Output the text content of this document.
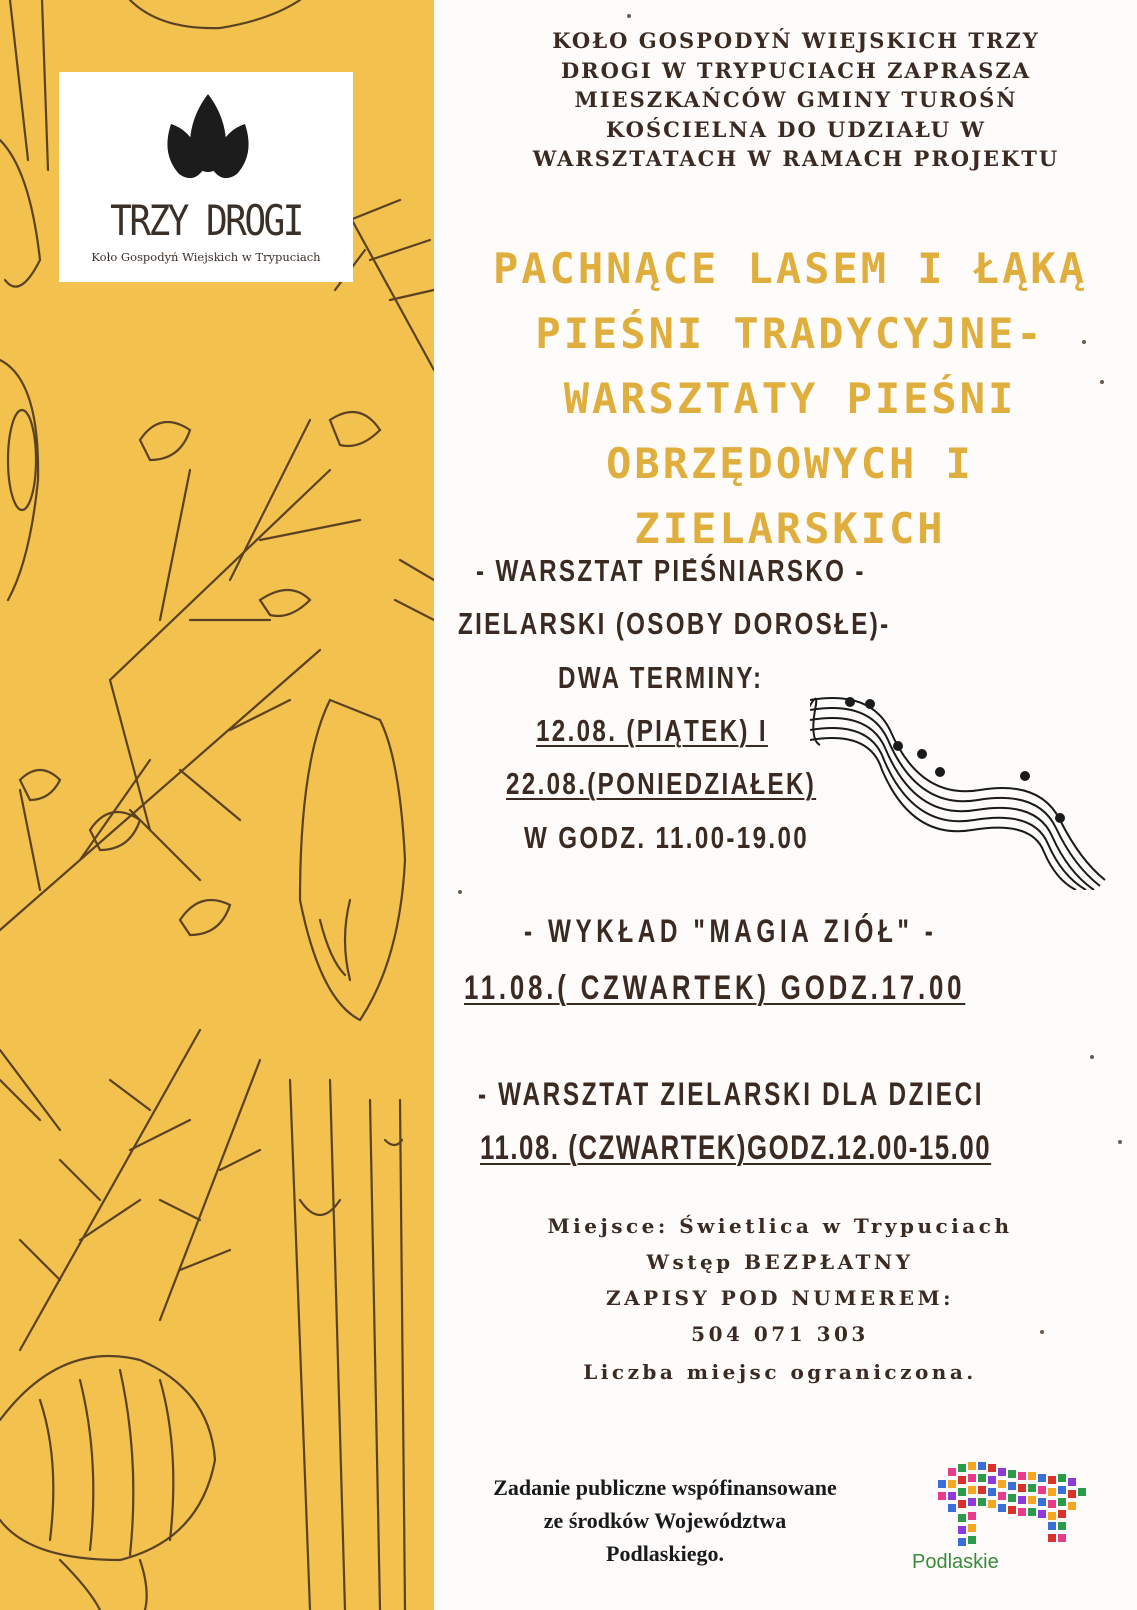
TRZY DROGI
Koło Gospodyń Wiejskich w Trypuciach
KOŁO GOSPODYŃ WIEJSKICH TRZY
DROGI W TRYPUCIACH ZAPRASZA
MIESZKAŃCÓW GMINY TUROŚŃ
KOŚCIELNA DO UDZIAŁU W
WARSZTATACH W RAMACH PROJEKTU
PACHNĄCE LASEM I ŁĄKĄ
PIEŚNI TRADYCYJNE-
WARSZTATY PIEŚNI
OBRZĘDOWYCH I
ZIELARSKICH
- WARSZTAT PIEŚNIARSKO -
ZIELARSKI (OSOBY DOROSŁE)-
DWA TERMINY:
12.08. (PIĄTEK) I
22.08.(PONIEDZIAŁEK)
W GODZ. 11.00-19.00
- WYKŁAD "MAGIA ZIÓŁ" -
11.08.( CZWARTEK) GODZ.17.00
- WARSZTAT ZIELARSKI DLA DZIECI
11.08. (CZWARTEK)GODZ.12.00-15.00
Miejsce: Świetlica w Trypuciach
Wstęp BEZPŁATNY
ZAPISY POD NUMEREM:
504 071 303
Liczba miejsc ograniczona.
Zadanie publiczne wspófinansowane
ze środków Województwa
Podlaskiego.	Podlaskie
